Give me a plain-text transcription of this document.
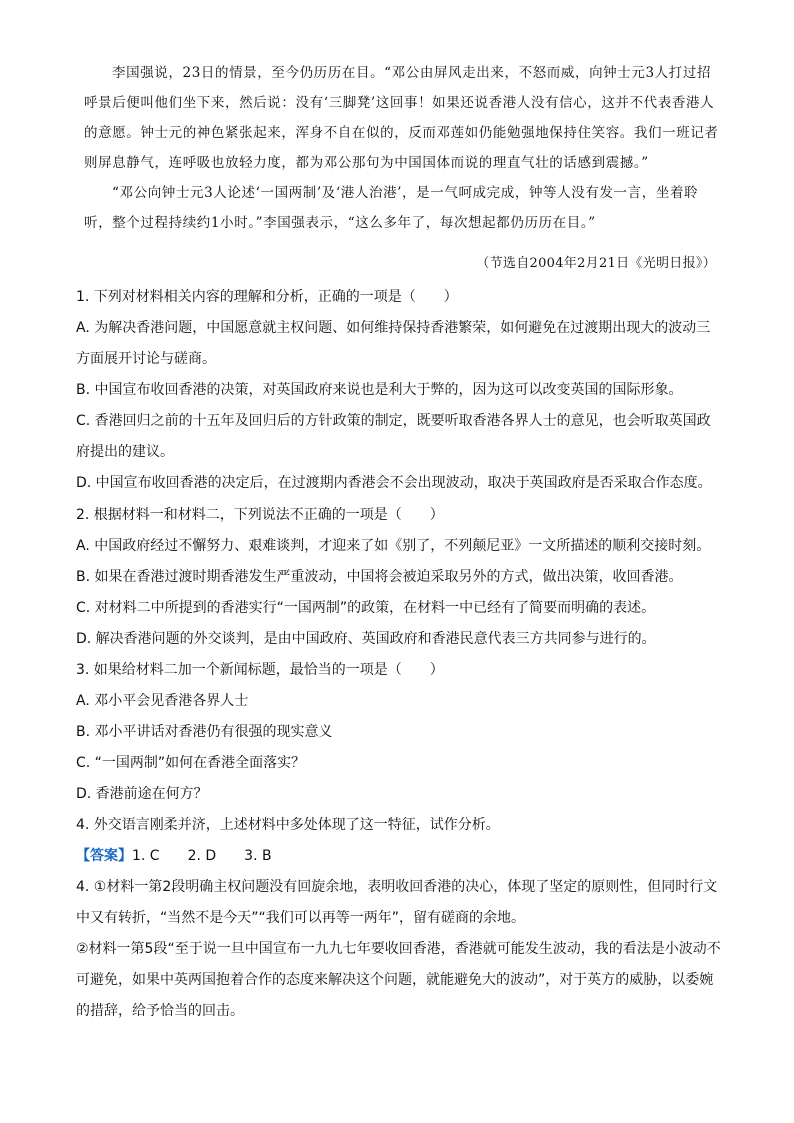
李国强说，23日的情景，至今仍历历在目。“邓公由屏风走出来，不怒而威，向钟士元3人打过招呼景后便叫他们坐下来，然后说：没有‘三脚凳’这回事！如果还说香港人没有信心，这并不代表香港人的意愿。钟士元的神色紧张起来，浑身不自在似的，反而邓莲如仍能勉强地保持住笑容。我们一班记者则屏息静气，连呼吸也放轻力度，都为邓公那句为中国国体而说的理直气壮的话感到震撼。”

“邓公向钟士元3人论述‘一国两制’及‘港人治港’，是一气呵成完成，钟等人没有发一言，坐着聆听，整个过程持续约1小时。”李国强表示，“这么多年了，每次想起都仍历历在目。”

（节选自2004年2月21日《光明日报》）
1. 下列对材料相关内容的理解和分析，正确的一项是（　　）
A. 为解决香港问题，中国愿意就主权问题、如何维持保持香港繁荣，如何避免在过渡期出现大的波动三方面展开讨论与磋商。
B. 中国宣布收回香港的决策，对英国政府来说也是利大于弊的，因为这可以改变英国的国际形象。
C. 香港回归之前的十五年及回归后的方针政策的制定，既要听取香港各界人士的意见，也会听取英国政府提出的建议。
D. 中国宣布收回香港的决定后，在过渡期内香港会不会出现波动，取决于英国政府是否采取合作态度。
2. 根据材料一和材料二，下列说法不正确的一项是（　　）
A. 中国政府经过不懈努力、艰难谈判，才迎来了如《别了，不列颠尼亚》一文所描述的顺利交接时刻。
B. 如果在香港过渡时期香港发生严重波动，中国将会被迫采取另外的方式，做出决策，收回香港。
C. 对材料二中所提到的香港实行“一国两制”的政策，在材料一中已经有了简要而明确的表述。
D. 解决香港问题的外交谈判，是由中国政府、英国政府和香港民意代表三方共同参与进行的。
3. 如果给材料二加一个新闻标题，最恰当的一项是（　　）
A. 邓小平会见香港各界人士
B. 邓小平讲话对香港仍有很强的现实意义
C. “一国两制”如何在香港全面落实？
D. 香港前途在何方？
4. 外交语言刚柔并济，上述材料中多处体现了这一特征，试作分析。
【答案】1. C　　2. D　　3. B
4. ①材料一第2段明确主权问题没有回旋余地，表明收回香港的决心，体现了坚定的原则性，但同时行文中又有转折，“当然不是今天”“我们可以再等一两年”，留有磋商的余地。
②材料一第5段“至于说一旦中国宣布一九九七年要收回香港，香港就可能发生波动，我的看法是小波动不可避免，如果中英两国抱着合作的态度来解决这个问题，就能避免大的波动”，对于英方的威胁，以委婉的措辞，给予恰当的回击。
